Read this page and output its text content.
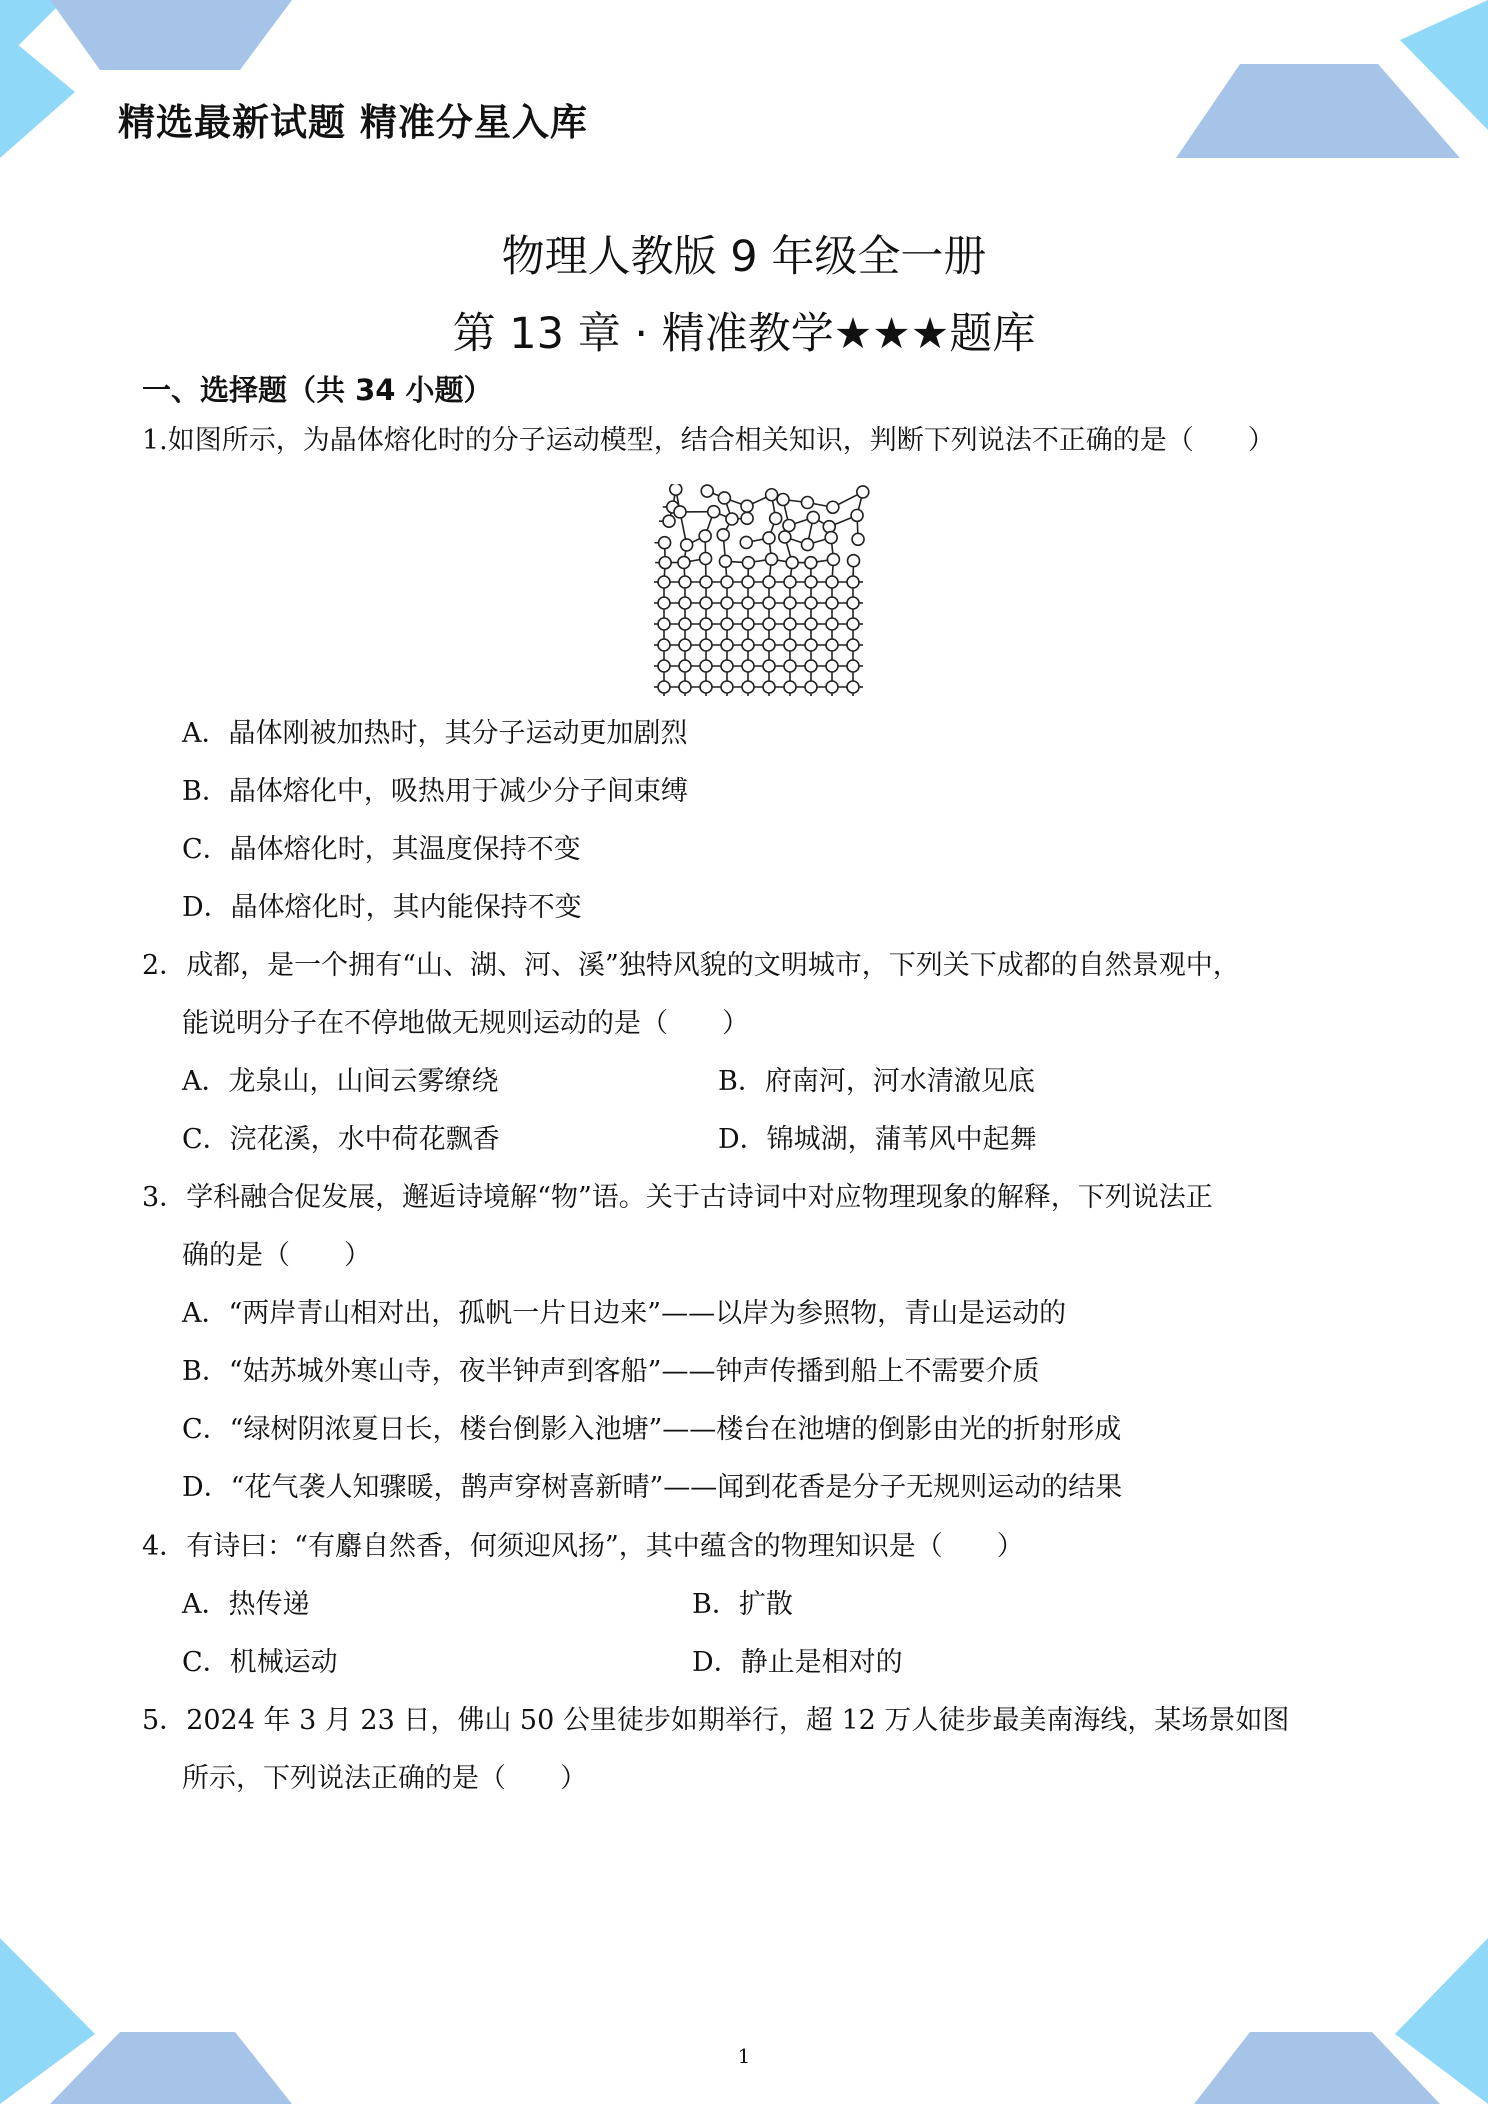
精选最新试题 精准分星入库
物理人教版 9 年级全一册
第 13 章 · 精准教学★★★题库
一、选择题（共 34 小题）
1.如图所示，为晶体熔化时的分子运动模型，结合相关知识，判断下列说法不正确的是（　　）
A．晶体刚被加热时，其分子运动更加剧烈
B．晶体熔化中，吸热用于减少分子间束缚
C．晶体熔化时，其温度保持不变
D．晶体熔化时，其内能保持不变
2．成都，是一个拥有“山、湖、河、溪”独特风貌的文明城市，下列关下成都的自然景观中，
能说明分子在不停地做无规则运动的是（　　）
A．龙泉山，山间云雾缭绕	B．府南河，河水清澈见底
C．浣花溪，水中荷花飘香	D．锦城湖，蒲苇风中起舞
3．学科融合促发展，邂逅诗境解“物”语。关于古诗词中对应物理现象的解释，下列说法正
确的是（　　）
A．“两岸青山相对出，孤帆一片日边来”——以岸为参照物，青山是运动的
B．“姑苏城外寒山寺，夜半钟声到客船”——钟声传播到船上不需要介质
C．“绿树阴浓夏日长，楼台倒影入池塘”——楼台在池塘的倒影由光的折射形成
D．“花气袭人知骤暖，鹊声穿树喜新晴”——闻到花香是分子无规则运动的结果
4．有诗曰：“有麝自然香，何须迎风扬”，其中蕴含的物理知识是（　　）
A．热传递	B．扩散
C．机械运动	D．静止是相对的
5．2024 年 3 月 23 日，佛山 50 公里徒步如期举行，超 12 万人徒步最美南海线，某场景如图
所示，下列说法正确的是（　　）
1
